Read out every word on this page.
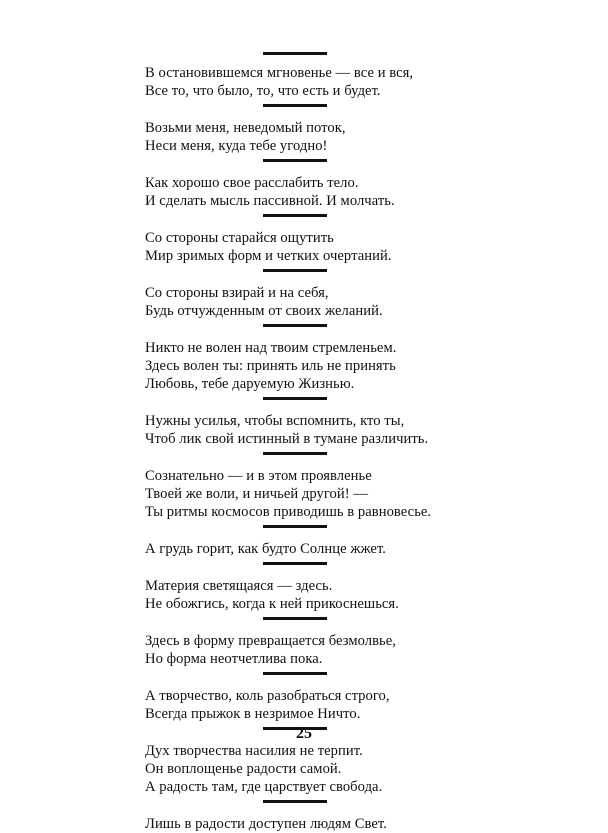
В остановившемся мгновенье — все и вся,
Все то, что было, то, что есть и будет.

Возьми меня, неведомый поток,
Неси меня, куда тебе угодно!

Как хорошо свое расслабить тело.
И сделать мысль пассивной. И молчать.

Со стороны старайся ощутить
Мир зримых форм и четких очертаний.

Со стороны взирай и на себя,
Будь отчужденным от своих желаний.

Никто не волен над твоим стремленьем.
Здесь волен ты: принять иль не принять
Любовь, тебе даруемую Жизнью.

Нужны усилья, чтобы вспомнить, кто ты,
Чтоб лик свой истинный в тумане различить.

Сознательно — и в этом проявленье
Твоей же воли, и ничьей другой! —
Ты ритмы космосов приводишь в равновесье.

А грудь горит, как будто Солнце жжет.

Материя светящаяся — здесь.
Не обожгись, когда к ней прикоснешься.

Здесь в форму превращается безмолвье,
Но форма неотчетлива пока.

А творчество, коль разобраться строго,
Всегда прыжок в незримое Ничто.

Дух творчества насилия не терпит.
Он воплощенье радости самой.
А радость там, где царствует свобода.

Лишь в радости доступен людям Свет.

25
